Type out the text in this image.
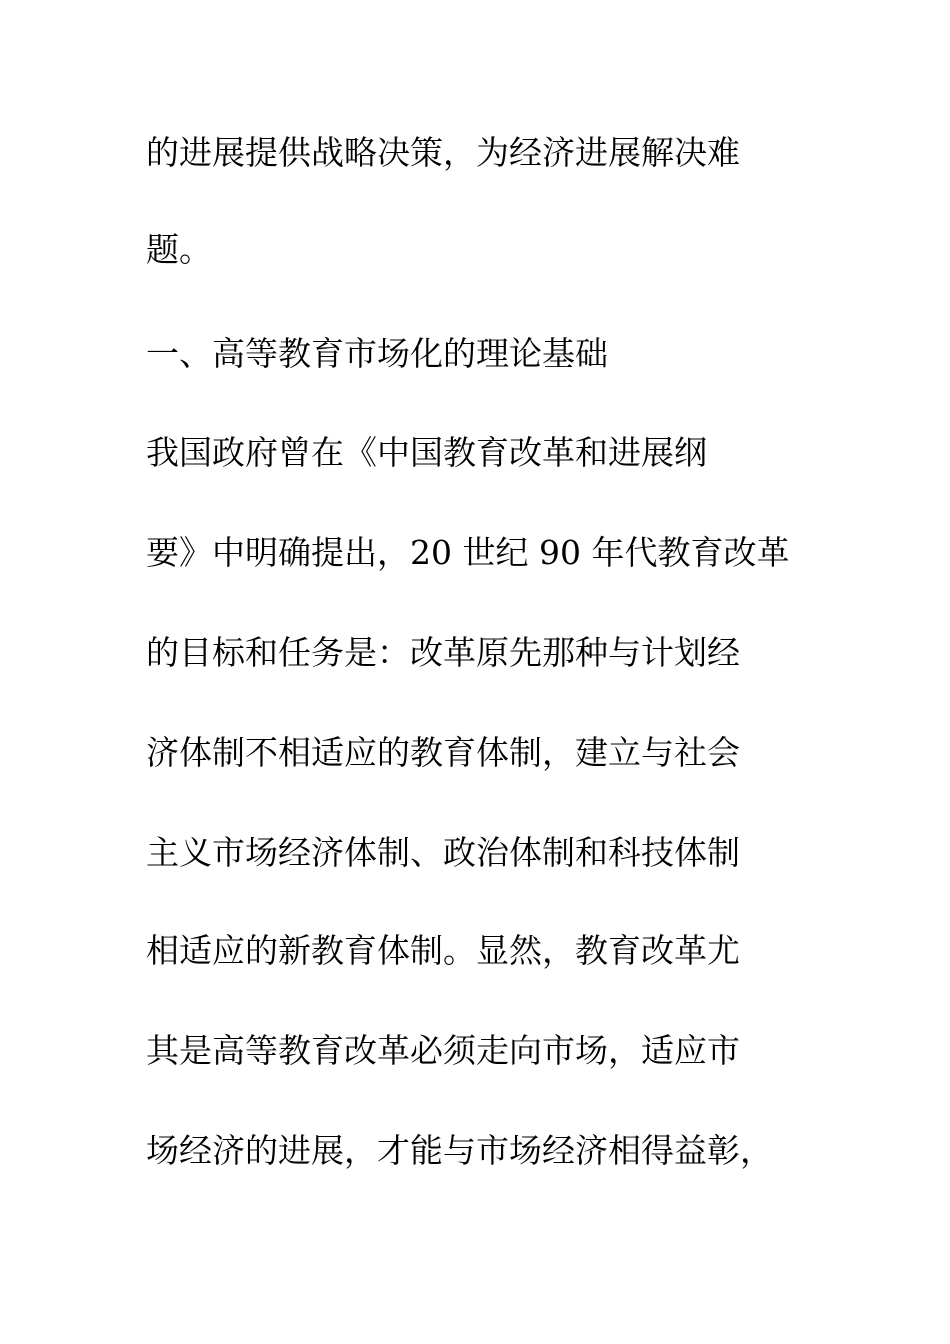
的进展提供战略决策，为经济进展解决难
题。
一、高等教育市场化的理论基础
我国政府曾在《中国教育改革和进展纲
要》中明确提出，20 世纪 90 年代教育改革
的目标和任务是：改革原先那种与计划经
济体制不相适应的教育体制，建立与社会
主义市场经济体制、政治体制和科技体制
相适应的新教育体制。显然，教育改革尤
其是高等教育改革必须走向市场，适应市
场经济的进展，才能与市场经济相得益彰，
